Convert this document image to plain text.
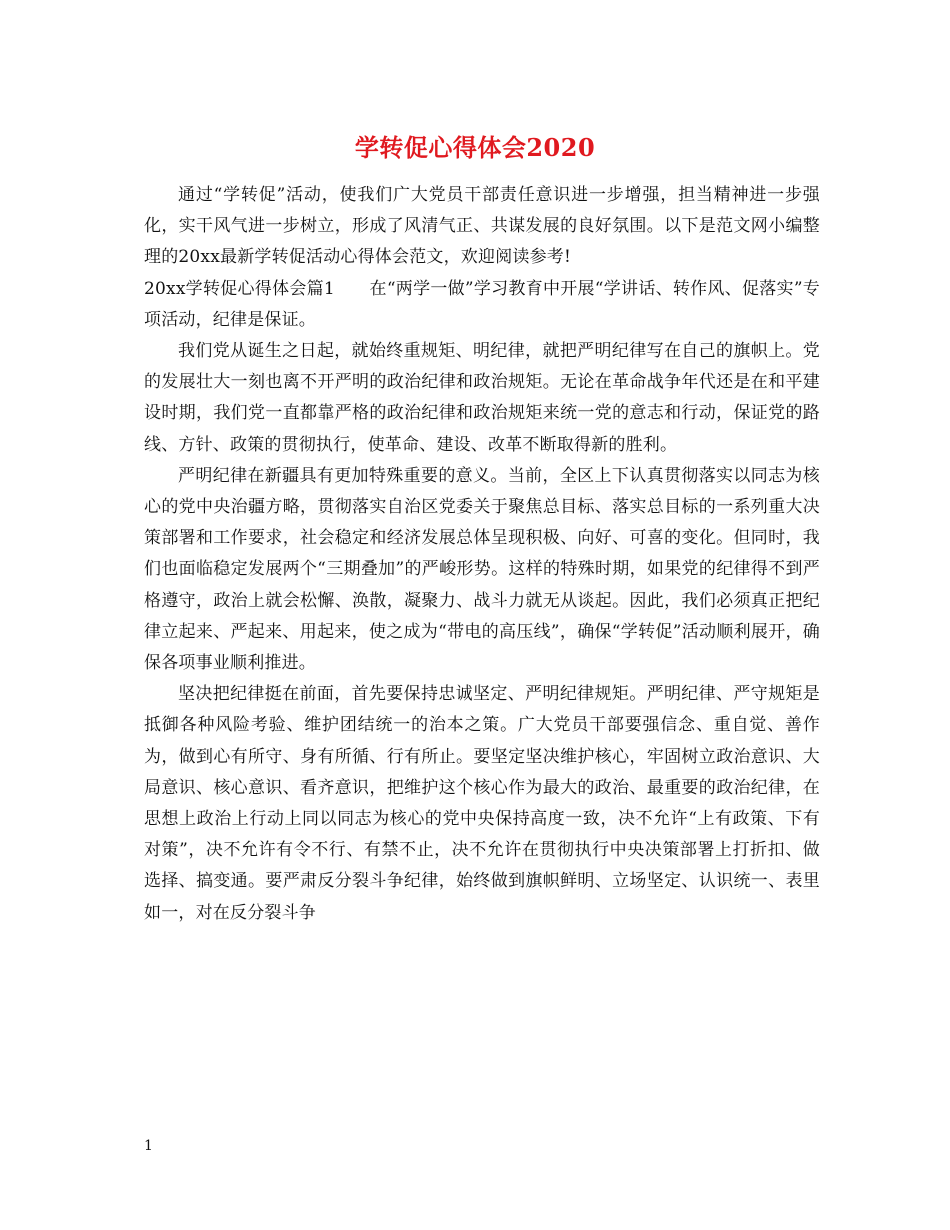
学转促心得体会2020

通过“学转促”活动，使我们广大党员干部责任意识进一步增强，担当精神进一步强化，实干风气进一步树立，形成了风清气正、共谋发展的良好氛围。以下是范文网小编整理的20xx最新学转促活动心得体会范文，欢迎阅读参考!

20xx学转促心得体会篇1　　在“两学一做”学习教育中开展“学讲话、转作风、促落实”专项活动，纪律是保证。

我们党从诞生之日起，就始终重规矩、明纪律，就把严明纪律写在自己的旗帜上。党的发展壮大一刻也离不开严明的政治纪律和政治规矩。无论在革命战争年代还是在和平建设时期，我们党一直都靠严格的政治纪律和政治规矩来统一党的意志和行动，保证党的路线、方针、政策的贯彻执行，使革命、建设、改革不断取得新的胜利。

严明纪律在新疆具有更加特殊重要的意义。当前，全区上下认真贯彻落实以同志为核心的党中央治疆方略，贯彻落实自治区党委关于聚焦总目标、落实总目标的一系列重大决策部署和工作要求，社会稳定和经济发展总体呈现积极、向好、可喜的变化。但同时，我们也面临稳定发展两个“三期叠加”的严峻形势。这样的特殊时期，如果党的纪律得不到严格遵守，政治上就会松懈、涣散，凝聚力、战斗力就无从谈起。因此，我们必须真正把纪律立起来、严起来、用起来，使之成为“带电的高压线”，确保“学转促”活动顺利展开，确保各项事业顺利推进。

坚决把纪律挺在前面，首先要保持忠诚坚定、严明纪律规矩。严明纪律、严守规矩是抵御各种风险考验、维护团结统一的治本之策。广大党员干部要强信念、重自觉、善作为，做到心有所守、身有所循、行有所止。要坚定坚决维护核心，牢固树立政治意识、大局意识、核心意识、看齐意识，把维护这个核心作为最大的政治、最重要的政治纪律，在思想上政治上行动上同以同志为核心的党中央保持高度一致，决不允许“上有政策、下有对策”，决不允许有令不行、有禁不止，决不允许在贯彻执行中央决策部署上打折扣、做选择、搞变通。要严肃反分裂斗争纪律，始终做到旗帜鲜明、立场坚定、认识统一、表里如一，对在反分裂斗争

1
